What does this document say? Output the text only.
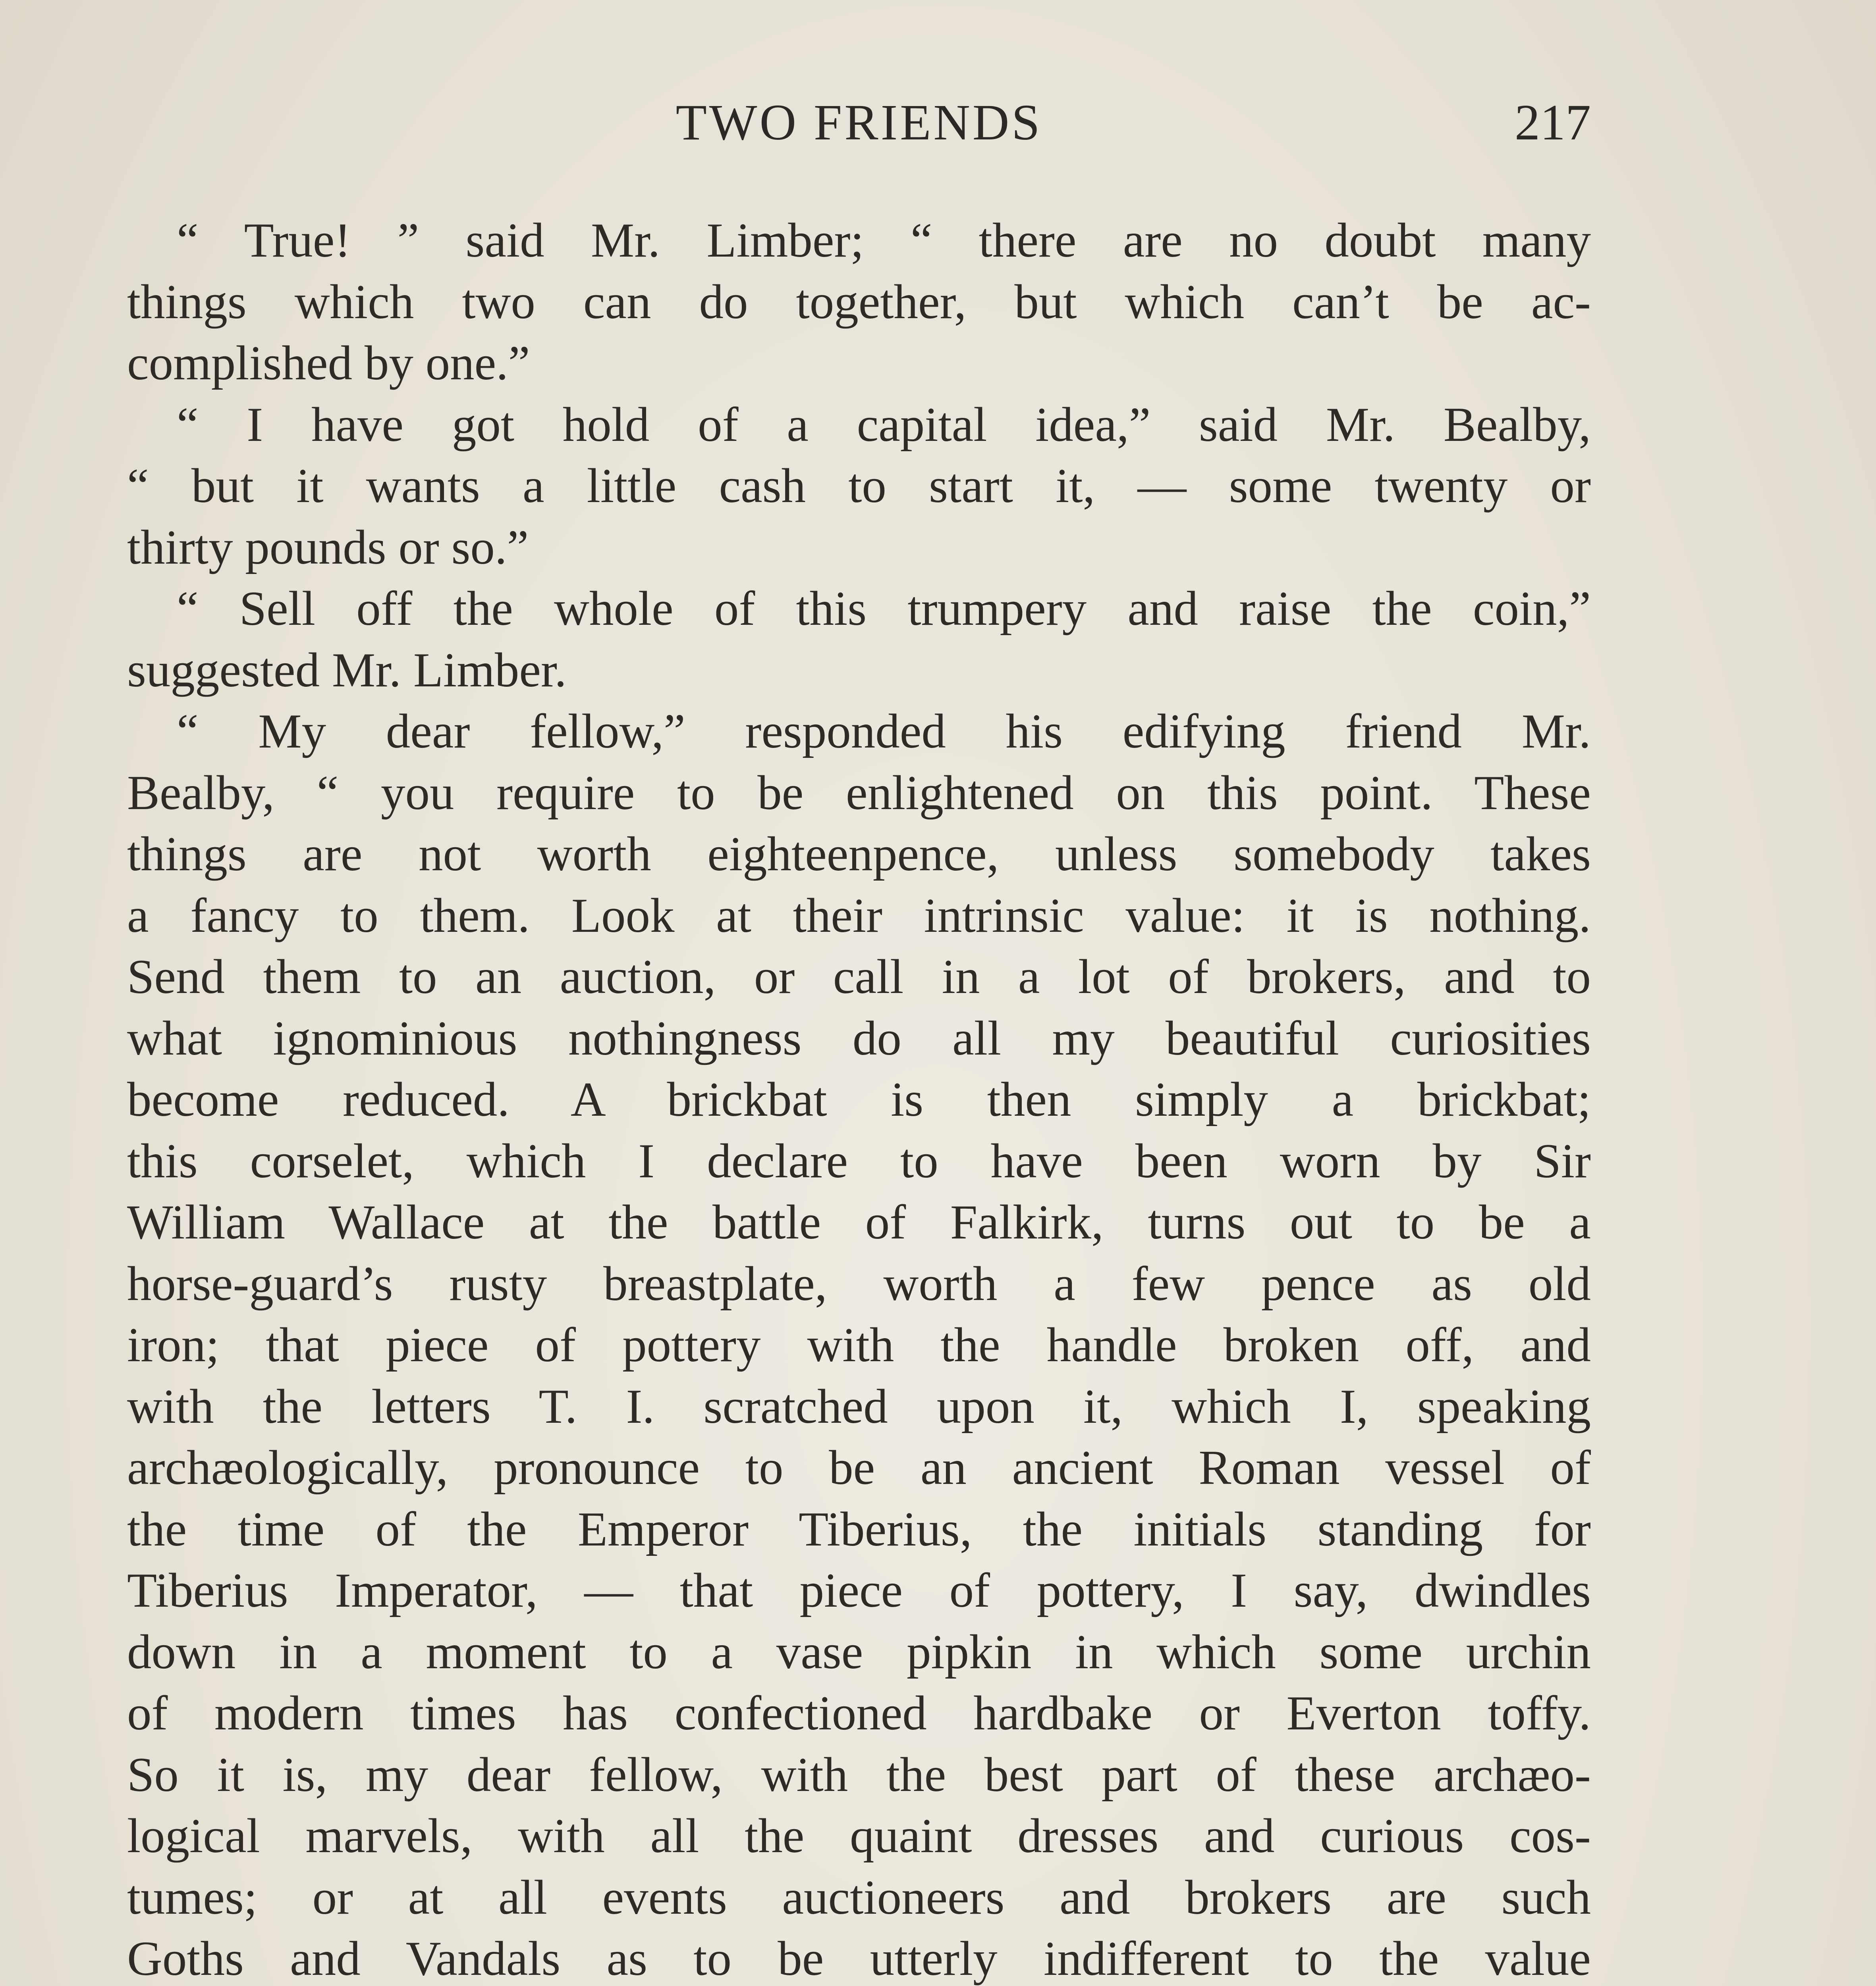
TWO FRIENDS	217
“ True! ” said Mr. Limber; “ there are no doubt many
things which two can do together, but which can’t be ac-
complished by one.”
“ I have got hold of a capital idea,” said Mr. Bealby,
“ but it wants a little cash to start it, — some twenty or
thirty pounds or so.”
“ Sell off the whole of this trumpery and raise the coin,”
suggested Mr. Limber.
“ My dear fellow,” responded his edifying friend Mr.
Bealby, “ you require to be enlightened on this point. These
things are not worth eighteenpence, unless somebody takes
a fancy to them. Look at their intrinsic value: it is nothing.
Send them to an auction, or call in a lot of brokers, and to
what ignominious nothingness do all my beautiful curiosities
become reduced. A brickbat is then simply a brickbat;
this corselet, which I declare to have been worn by Sir
William Wallace at the battle of Falkirk, turns out to be a
horse-guard’s rusty breastplate, worth a few pence as old
iron; that piece of pottery with the handle broken off, and
with the letters T. I. scratched upon it, which I, speaking
archæologically, pronounce to be an ancient Roman vessel of
the time of the Emperor Tiberius, the initials standing for
Tiberius Imperator, — that piece of pottery, I say, dwindles
down in a moment to a vase pipkin in which some urchin
of modern times has confectioned hardbake or Everton toffy.
So it is, my dear fellow, with the best part of these archæo-
logical marvels, with all the quaint dresses and curious cos-
tumes; or at all events auctioneers and brokers are such
Goths and Vandals as to be utterly indifferent to the value
